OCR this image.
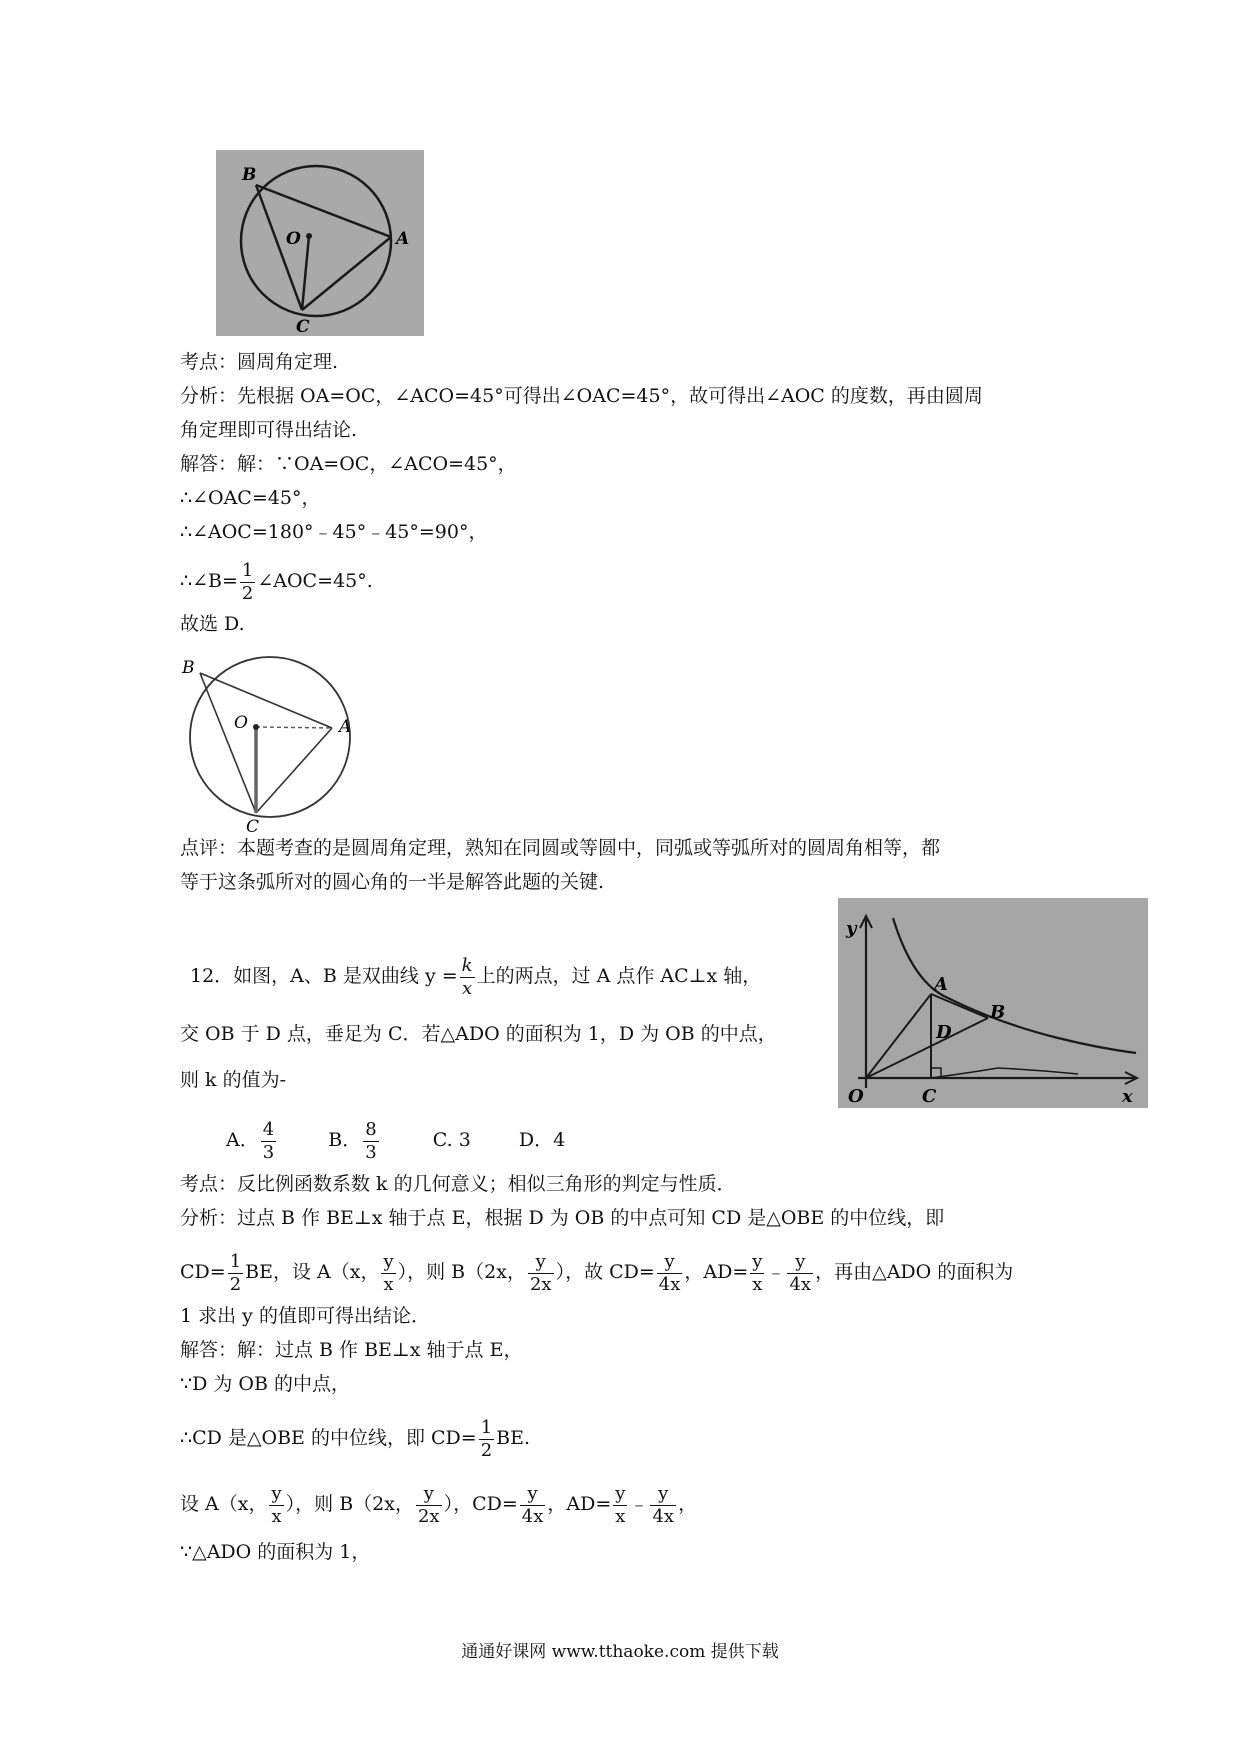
B
O	A
C
考点：圆周角定理.
分析：先根据 OA=OC，∠ACO=45°可得出∠OAC=45°，故可得出∠AOC 的度数，再由圆周
角定理即可得出结论.
解答：解：∵OA=OC，∠ACO=45°，
∴∠OAC=45°，
∴∠AOC=180°﹣45°﹣45°=90°，
∴∠B= $\frac{1}{2}$ ∠AOC=45°.
故选 D.
B
O	A
C
点评：本题考查的是圆周角定理，熟知在同圆或等圆中，同弧或等弧所对的圆周角相等，都
等于这条弧所对的圆心角的一半是解答此题的关键.
y
A
B
D
O	C	x
12．如图，A、B 是双曲线 $y = \frac{k}{x}$ 上的两点，过 A 点作 AC⊥x 轴，
交 OB 于 D 点，垂足为 C．若△ADO 的面积为 1，D 为 OB 的中点，
则 k 的值为-
A． $\frac{4}{3}$	B． $\frac{8}{3}$	C. 3	D．4
考点：反比例函数系数 k 的几何意义；相似三角形的判定与性质．
分析：过点 B 作 BE⊥x 轴于点 E，根据 D 为 OB 的中点可知 CD 是△OBE 的中位线，即
$CD= \frac{1}{2}$ BE，设 A（x， $\frac{y}{x}$ ），则 B（2x， $\frac{y}{2x}$ ），故 $CD= \frac{y}{4x}$ ，$AD= \frac{y}{x}$ ﹣ $\frac{y}{4x}$ ，再由△ADO 的面积为
1 求出 y 的值即可得出结论．
解答：解：过点 B 作 BE⊥x 轴于点 E，
∵D 为 OB 的中点，
∴CD 是△OBE 的中位线，即 $CD= \frac{1}{2}$ BE.
设 A（x， $\frac{y}{x}$ ），则 B（2x， $\frac{y}{2x}$ ），$CD= \frac{y}{4x}$ ，$AD= \frac{y}{x}$ ﹣ $\frac{y}{4x}$ ，
∵△ADO 的面积为 1，
通通好课网 www.tthaoke.com 提供下载
